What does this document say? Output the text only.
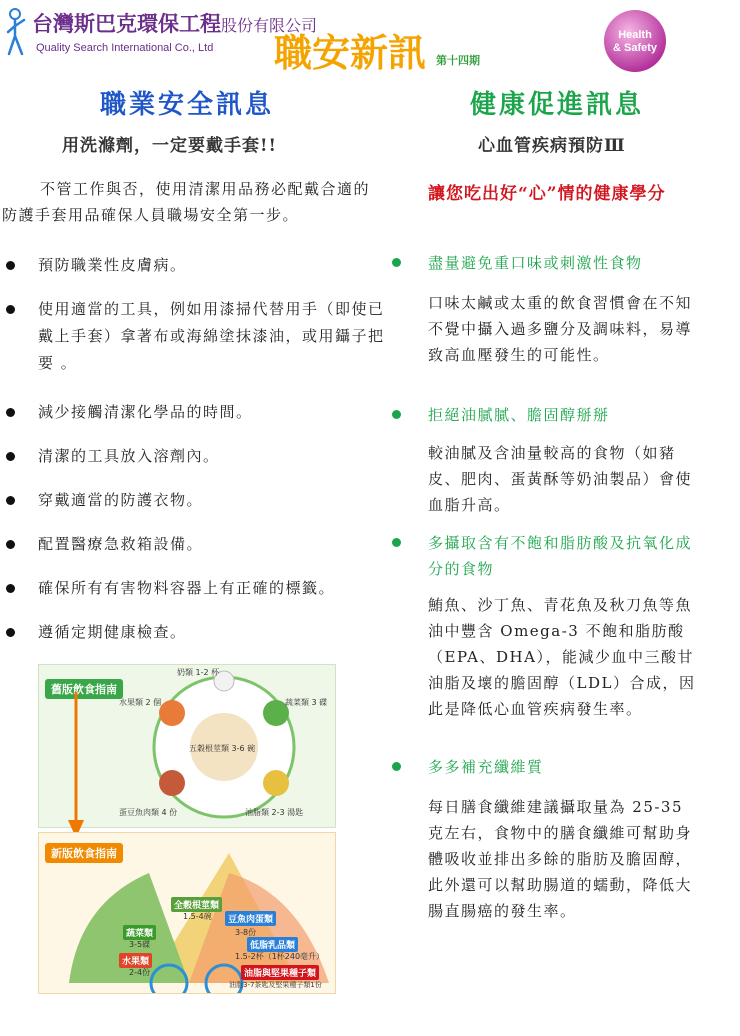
台灣斯巴克環保工程股份有限公司
Quality Search International Co., Ltd 職安新訊 第十四期
Health
& Safety
職業安全訊息
用洗滌劑，一定要戴手套!!
不管工作與否，使用清潔用品務必配戴合適的防護手套用品確保人員職場安全第一步。
預防職業性皮膚病。
使用適當的工具，例如用漆掃代替用手（即使已戴上手套）拿著布或海綿塗抹漆油，或用鑷子把要 。
減少接觸清潔化學品的時間。
清潔的工具放入溶劑內。
穿戴適當的防護衣物。
配置醫療急救箱設備。
確保所有有害物料容器上有正確的標籤。
遵循定期健康檢查。
舊版飲食指南
奶類 1-2 杯
水果類 2 個	蔬菜類 3 碟
蛋豆魚肉類 4 份
五穀根莖類 3-6 碗
油脂類 2-3 湯匙
新版飲食指南
全穀根莖類
1.5-4碗	豆魚肉蛋類
3-8份
低脂乳品類
1.5-2杯（1杯240毫升）
蔬菜類
3-5碟
水果類
2-4份	油脂與堅果種子類
油脂3-7茶匙及堅果種子類1份
健康促進訊息
心血管疾病預防Ⅲ
讓您吃出好“心”情的健康學分
盡量避免重口味或刺激性食物
口味太鹹或太重的飲食習慣會在不知不覺中攝入過多鹽分及調味料，易導致高血壓發生的可能性。
拒絕油膩膩、膽固醇掰掰
較油膩及含油量較高的食物（如豬皮、肥肉、蛋黃酥等奶油製品）會使血脂升高。
多攝取含有不飽和脂肪酸及抗氧化成分的食物
鮪魚、沙丁魚、青花魚及秋刀魚等魚油中豐含 Omega-3 不飽和脂肪酸（EPA、DHA），能減少血中三酸甘油脂及壞的膽固醇（LDL）合成，因此是降低心血管疾病發生率。
多多補充纖維質
每日膳食纖維建議攝取量為 25-35 克左右，食物中的膳食纖維可幫助身體吸收並排出多餘的脂肪及膽固醇，此外還可以幫助腸道的蠕動，降低大腸直腸癌的發生率。
